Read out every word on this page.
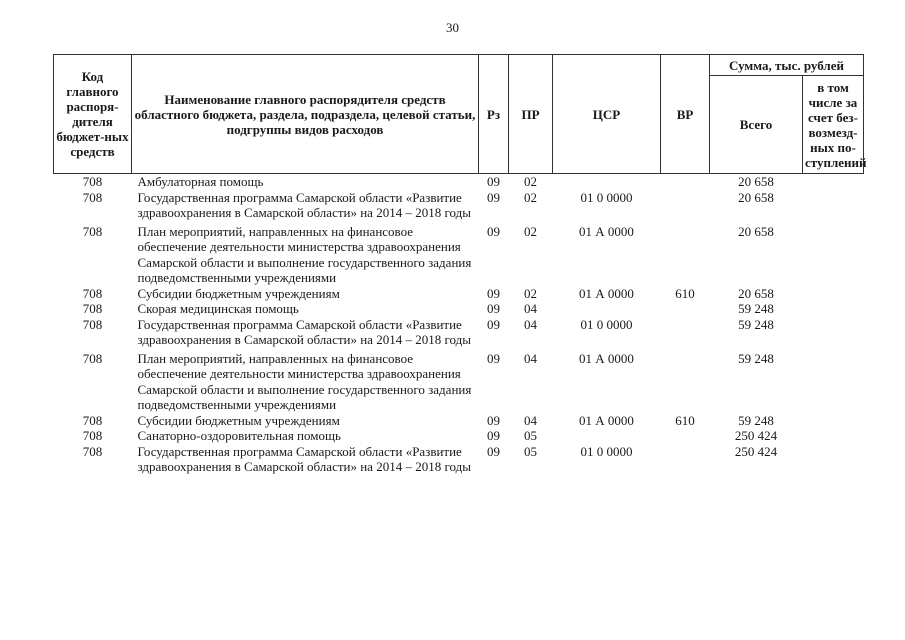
30
Код главного распоря-дителя бюджет-ных средств	Наименование главного распорядителя средств областного бюджета, раздела, подраздела, целевой статьи, подгруппы видов расходов	Рз	ПР	ЦСР	ВР	Сумма, тыс. рублей	
						Всего	в том числе за счет без-возмезд-ных по-ступлений
708	Амбулаторная помощь	09	02			20 658	
708	Государственная программа Самарской области «Развитие здравоохранения в Самарской области» на 2014 – 2018 годы	09	02	01 0 0000		20 658	
708	План мероприятий, направленных на финансовое обеспечение деятельности министерства здравоохранения Самарской области и выполнение государственного задания подведомственными учреждениями	09	02	01 А 0000		20 658	
708	Субсидии бюджетным учреждениям	09	02	01 А 0000	610	20 658	
708	Скорая медицинская помощь	09	04			59 248	
708	Государственная программа Самарской области «Развитие здравоохранения в Самарской области» на 2014 – 2018 годы	09	04	01 0 0000		59 248	
708	План мероприятий, направленных на финансовое обеспечение деятельности министерства здравоохранения Самарской области и выполнение государственного задания подведомственными учреждениями	09	04	01 А 0000		59 248	
708	Субсидии бюджетным учреждениям	09	04	01 А 0000	610	59 248	
708	Санаторно-оздоровительная помощь	09	05			250 424	
708	Государственная программа Самарской области «Развитие здравоохранения в Самарской области» на 2014 – 2018 годы	09	05	01 0 0000		250 424	
